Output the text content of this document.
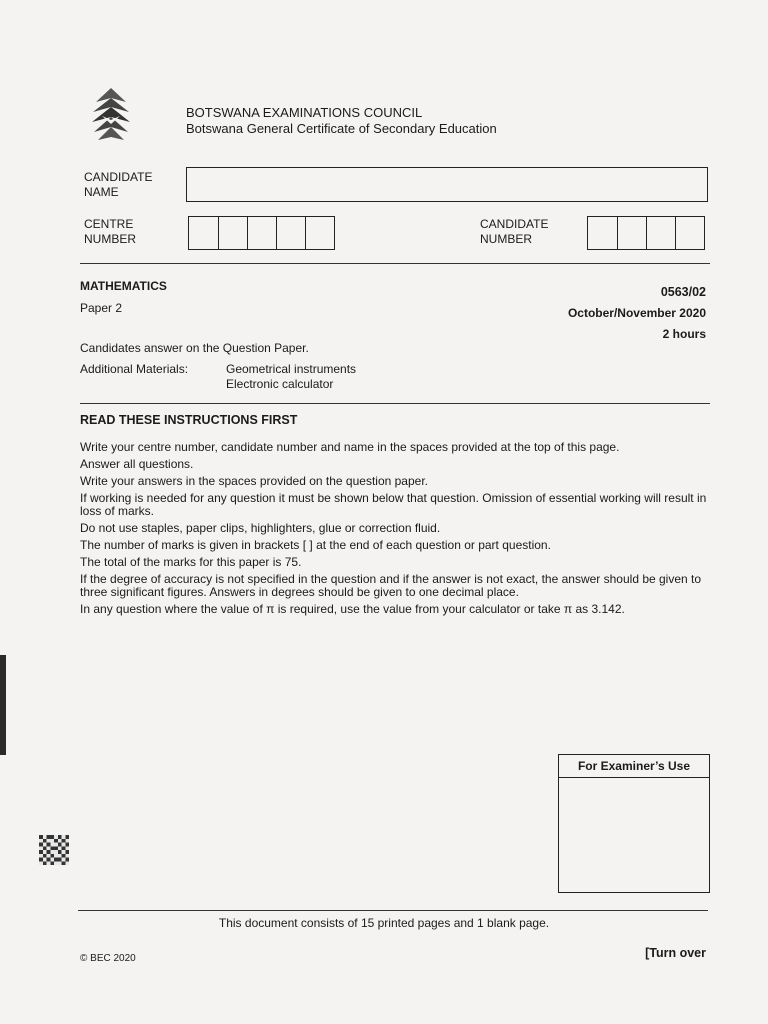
BOTSWANA EXAMINATIONS COUNCIL
Botswana General Certificate of Secondary Education
CANDIDATE NAME
CENTRE NUMBER
CANDIDATE NUMBER
MATHEMATICS
Paper 2
0563/02
October/November 2020
2 hours
Candidates answer on the Question Paper.
Additional Materials:	Geometrical instruments
Electronic calculator
READ THESE INSTRUCTIONS FIRST
Write your centre number, candidate number and name in the spaces provided at the top of this page.
Answer all questions.
Write your answers in the spaces provided on the question paper.
If working is needed for any question it must be shown below that question. Omission of essential working will result in loss of marks.
Do not use staples, paper clips, highlighters, glue or correction fluid.
The number of marks is given in brackets [ ] at the end of each question or part question.
The total of the marks for this paper is 75.
If the degree of accuracy is not specified in the question and if the answer is not exact, the answer should be given to three significant figures. Answers in degrees should be given to one decimal place.
In any question where the value of π is required, use the value from your calculator or take π as 3.142.
For Examiner’s Use
This document consists of 15 printed pages and 1 blank page.
© BEC 2020	[Turn over
